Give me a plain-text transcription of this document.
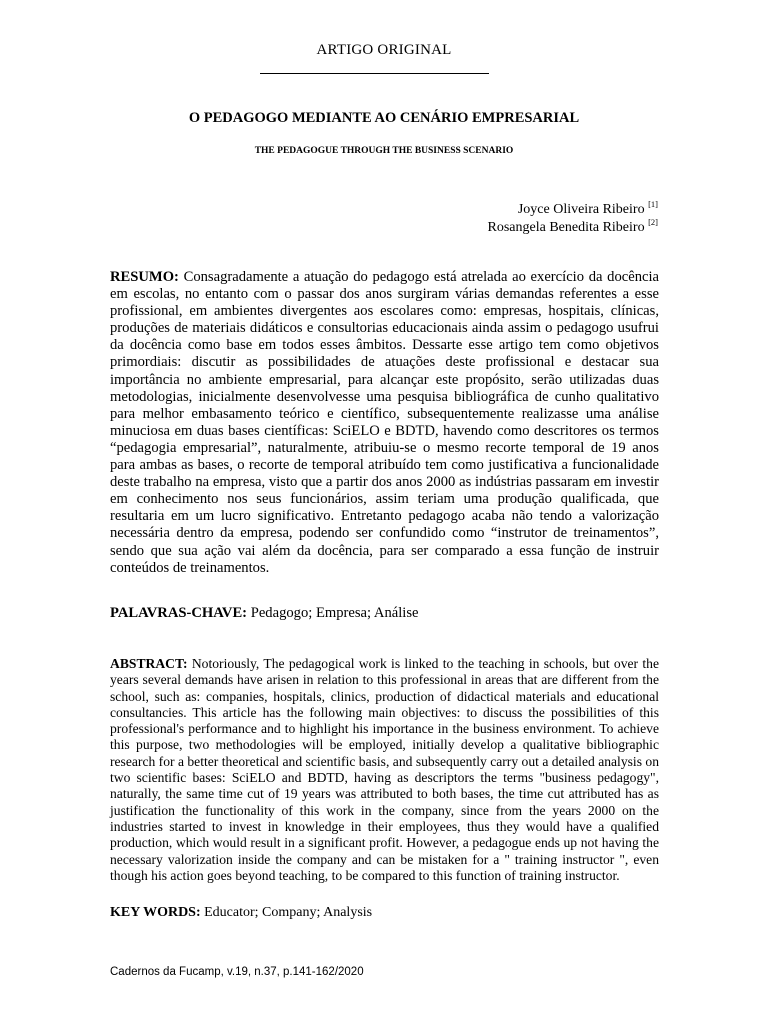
ARTIGO ORIGINAL
O PEDAGOGO MEDIANTE AO CENÁRIO EMPRESARIAL
THE PEDAGOGUE THROUGH THE BUSINESS SCENARIO
Joyce Oliveira Ribeiro [1]
Rosangela Benedita Ribeiro [2]
RESUMO: Consagradamente a atuação do pedagogo está atrelada ao exercício da docência em escolas, no entanto com o passar dos anos surgiram várias demandas referentes a esse profissional, em ambientes divergentes aos escolares como: empresas, hospitais, clínicas, produções de materiais didáticos e consultorias educacionais ainda assim o pedagogo usufrui da docência como base em todos esses âmbitos. Dessarte esse artigo tem como objetivos primordiais: discutir as possibilidades de atuações deste profissional e destacar sua importância no ambiente empresarial, para alcançar este propósito, serão utilizadas duas metodologias, inicialmente desenvolvesse uma pesquisa bibliográfica de cunho qualitativo para melhor embasamento teórico e científico, subsequentemente realizasse uma análise minuciosa em duas bases científicas: SciELO e BDTD, havendo como descritores os termos “pedagogia empresarial”, naturalmente, atribuiu-se o mesmo recorte temporal de 19 anos para ambas as bases, o recorte de temporal atribuído tem como justificativa a funcionalidade deste trabalho na empresa, visto que a partir dos anos 2000 as indústrias passaram em investir em conhecimento nos seus funcionários, assim teriam uma produção qualificada, que resultaria em um lucro significativo. Entretanto pedagogo acaba não tendo a valorização necessária dentro da empresa, podendo ser confundido como “instrutor de treinamentos”, sendo que sua ação vai além da docência, para ser comparado a essa função de instruir conteúdos de treinamentos.
PALAVRAS-CHAVE: Pedagogo; Empresa; Análise
ABSTRACT: Notoriously, The pedagogical work is linked to the teaching in schools, but over the years several demands have arisen in relation to this professional in areas that are different from the school, such as: companies, hospitals, clinics, production of didactical materials and educational consultancies. This article has the following main objectives: to discuss the possibilities of this professional's performance and to highlight his importance in the business environment. To achieve this purpose, two methodologies will be employed, initially develop a qualitative bibliographic research for a better theoretical and scientific basis, and subsequently carry out a detailed analysis on two scientific bases: SciELO and BDTD, having as descriptors the terms "business pedagogy", naturally, the same time cut of 19 years was attributed to both bases, the time cut attributed has as justification the functionality of this work in the company, since from the years 2000 on the industries started to invest in knowledge in their employees, thus they would have a qualified production, which would result in a significant profit. However, a pedagogue ends up not having the necessary valorization inside the company and can be mistaken for a " training instructor ", even though his action goes beyond teaching, to be compared to this function of training instructor.
KEY WORDS: Educator; Company; Analysis
Cadernos da Fucamp, v.19, n.37, p.141-162/2020
